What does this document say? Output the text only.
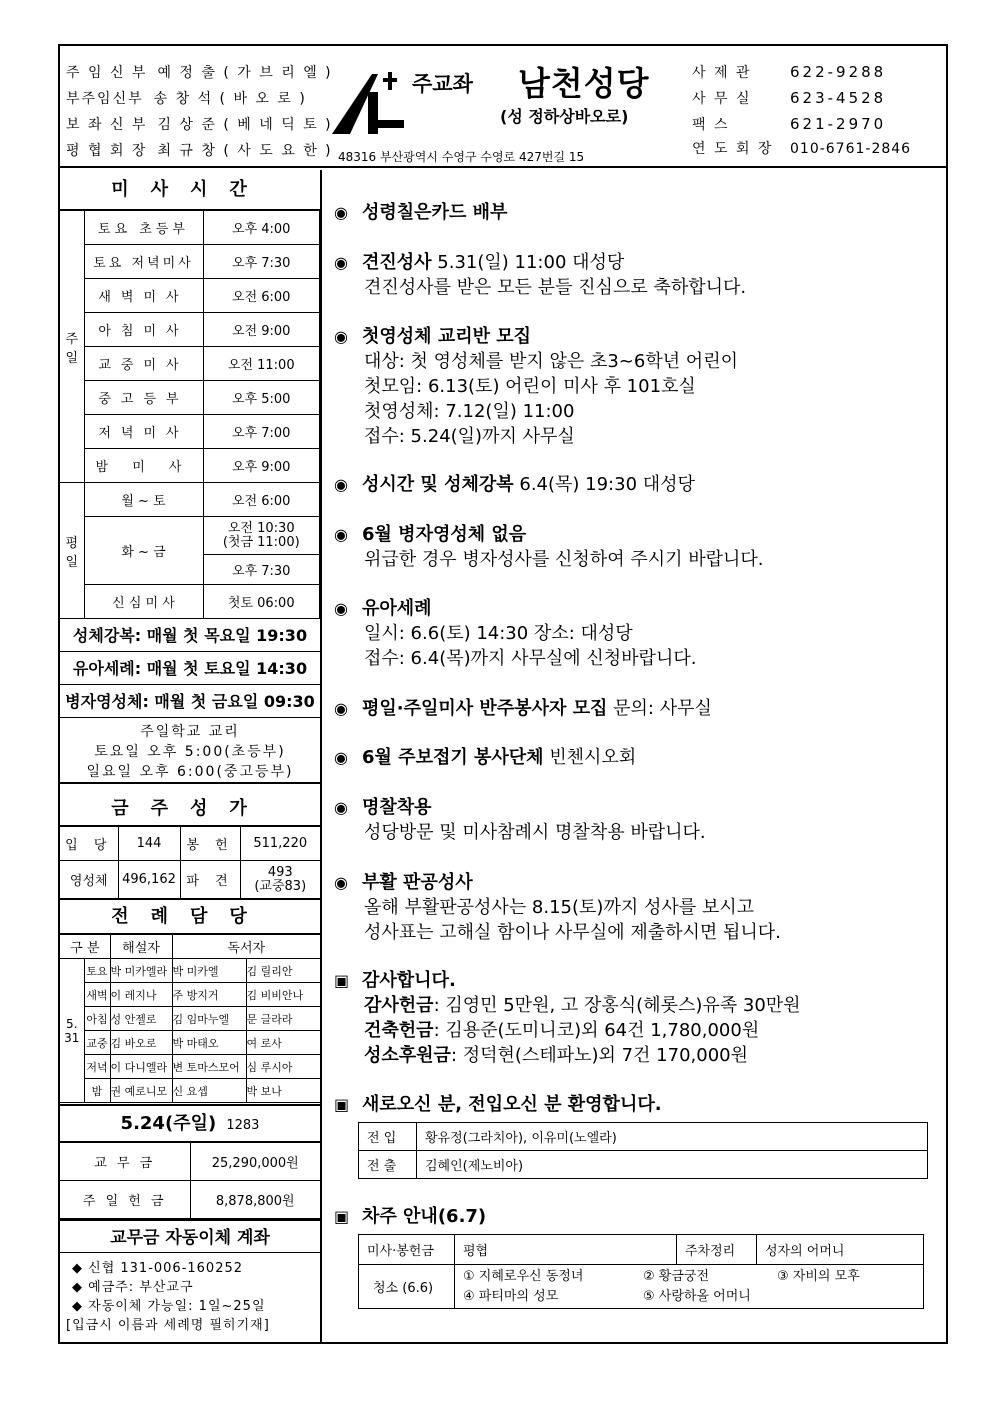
주 임 신 부 예 정 출 ( 가 브 리 엘 )
부주임신부 송 창 석 ( 바 오 로 )
보 좌 신 부 김 상 준 ( 베 네 딕 토 )
평 협 회 장 최 규 창 ( 사 도 요 한 )
주교좌 남천성당
(성 정하상바오로)
48316 부산광역시 수영구 수영로 427번길 15
사 제 관	622-9288
사 무 실	623-4528
팩 스	621-2970
연 도 회 장 010-6761-2846
미사시간
주일	토요 초등부	오후 4:00
	토요 저녁미사	오후 7:30
	새벽미사	오전 6:00
	아침미사	오전 9:00
	교중미사	오전 11:00
	중고등부	오후 5:00
	저녁미사	오후 7:00
	밤 미 사	오후 9:00
평일	월 ~ 토	오전 6:00
	화 ~ 금	오전 10:30
(첫금 11:00)
		오후 7:30
	신 심 미 사	첫토 06:00
성체강복: 매월 첫 목요일 19:30
유아세례: 매월 첫 토요일 14:30
병자영성체: 매월 첫 금요일 09:30
주일학교 교리
토요일 오후 5:00(초등부)
일요일 오후 6:00(중고등부)
금주성가
입 당	144	봉 헌	511,220
영성체	496,162	파 견	493
(교중83)
전례담당
구 분		해설자	독서자	
5. 31	토요	박 미카엘라	박 미카엘	김 릴리안
	새벽	이 레지나	주 방지거	김 비비안나
	아침	성 안젤로	김 임마누엘	문 글라라
	교중	김 바오로	박 마태오	여 로사
	저녁	이 다니엘라	변 토마스모어	심 루시아
	밤	권 예로니모	신 요셉	박 보나
5.24(주일) 1283
교 무 금	25,290,000원
주 일 헌 금	8,878,800원
교무금 자동이체 계좌
◆ 신협 131-006-160252
◆ 예금주: 부산교구
◆ 자동이체 가능일: 1일~25일
[입금시 이름과 세례명 필히기재]
◉ 성령칠은카드 배부
◉ 견진성사 5.31(일) 11:00 대성당
견진성사를 받은 모든 분들 진심으로 축하합니다.
◉ 첫영성체 교리반 모집
대상: 첫 영성체를 받지 않은 초3~6학년 어린이
첫모임: 6.13(토) 어린이 미사 후 101호실
첫영성체: 7.12(일) 11:00
접수: 5.24(일)까지 사무실
◉ 성시간 및 성체강복 6.4(목) 19:30 대성당
◉ 6월 병자영성체 없음
위급한 경우 병자성사를 신청하여 주시기 바랍니다.
◉ 유아세례
일시: 6.6(토) 14:30 장소: 대성당
접수: 6.4(목)까지 사무실에 신청바랍니다.
◉ 평일·주일미사 반주봉사자 모집 문의: 사무실
◉ 6월 주보접기 봉사단체 빈첸시오회
◉ 명찰착용
성당방문 및 미사참례시 명찰착용 바랍니다.
◉ 부활 판공성사
올해 부활판공성사는 8.15(토)까지 성사를 보시고
성사표는 고해실 함이나 사무실에 제출하시면 됩니다.
▣ 감사합니다.
감사헌금: 김영민 5만원, 고 장홍식(헤롯스)유족 30만원
건축헌금: 김용준(도미니코)외 64건 1,780,000원
성소후원금: 정덕현(스테파노)외 7건 170,000원
▣ 새로오신 분, 전입오신 분 환영합니다.
전 입	황유정(그라치아), 이유미(노엘라)
전 출	김혜인(제노비아)
▣ 차주 안내(6.7)
미사·봉헌금	평협	주차정리	성자의 어머니
청소 (6.6)	① 지혜로우신 동정녀 ② 황금궁전 ③ 자비의 모후
④ 파티마의 성모 ⑤ 사랑하올 어머니		
